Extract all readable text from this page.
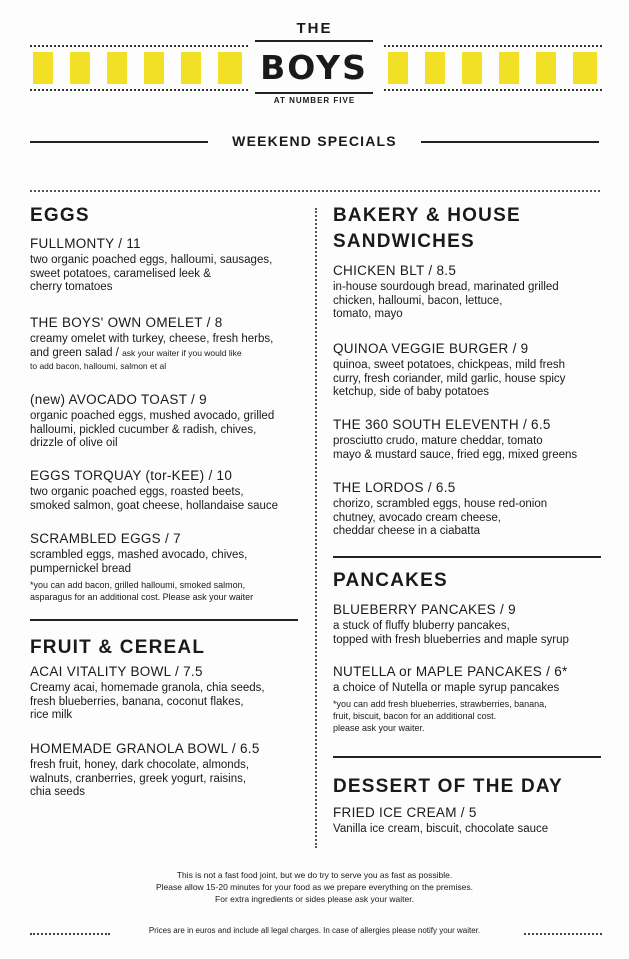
THE
BOYS
AT NUMBER FIVE
WEEKEND SPECIALS
EGGS
FULLMONTY / 11
two organic poached eggs, halloumi, sausages,
sweet potatoes, caramelised leek &
cherry tomatoes
THE BOYS' OWN OMELET / 8
creamy omelet with turkey, cheese, fresh herbs,
and green salad / ask your waiter if you would like
to add bacon, halloumi, salmon et al
(new) AVOCADO TOAST / 9
organic poached eggs, mushed avocado, grilled
halloumi, pickled cucumber & radish, chives,
drizzle of olive oil
EGGS TORQUAY (tor-KEE) / 10
two organic poached eggs, roasted beets,
smoked salmon, goat cheese, hollandaise sauce
SCRAMBLED EGGS / 7
scrambled eggs, mashed avocado, chives,
pumpernickel bread
*you can add bacon, grilled halloumi, smoked salmon,
asparagus for an additional cost. Please ask your waiter
FRUIT & CEREAL
ACAI VITALITY BOWL / 7.5
Creamy acai, homemade granola, chia seeds,
fresh blueberries, banana, coconut flakes,
rice milk
HOMEMADE GRANOLA BOWL / 6.5
fresh fruit, honey, dark chocolate, almonds,
walnuts, cranberries, greek yogurt, raisins,
chia seeds
BAKERY & HOUSE
SANDWICHES
CHICKEN BLT / 8.5
in-house sourdough bread, marinated grilled
chicken, halloumi, bacon, lettuce,
tomato, mayo
QUINOA VEGGIE BURGER / 9
quinoa, sweet potatoes, chickpeas, mild fresh
curry, fresh coriander, mild garlic, house spicy
ketchup, side of baby potatoes
THE 360 SOUTH ELEVENTH / 6.5
prosciutto crudo, mature cheddar, tomato
mayo & mustard sauce, fried egg, mixed greens
THE LORDOS / 6.5
chorizo, scrambled eggs, house red-onion
chutney, avocado cream cheese,
cheddar cheese in a ciabatta
PANCAKES
BLUEBERRY PANCAKES / 9
a stuck of fluffy bluberry pancakes,
topped with fresh blueberries and maple syrup
NUTELLA or MAPLE PANCAKES / 6*
a choice of Nutella or maple syrup pancakes
*you can add fresh blueberries, strawberries, banana,
fruit, biscuit, bacon for an additional cost.
please ask your waiter.
DESSERT OF THE DAY
FRIED ICE CREAM / 5
Vanilla ice cream, biscuit, chocolate sauce
This is not a fast food joint, but we do try to serve you as fast as possible.
Please allow 15-20 minutes for your food as we prepare everything on the premises.
For extra ingredients or sides please ask your waiter.
Prices are in euros and include all legal charges. In case of allergies please notify your waiter.
